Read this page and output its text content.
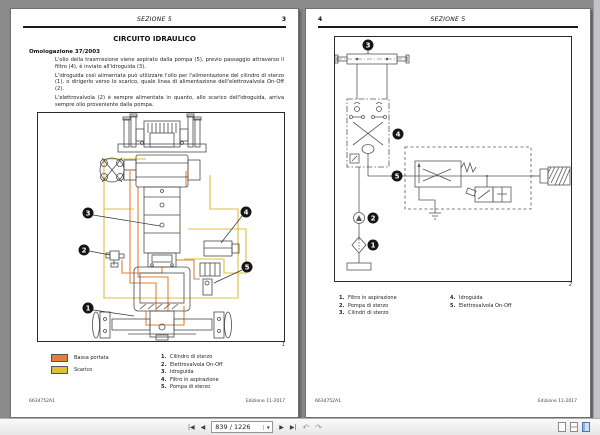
SEZIONE 5	3
CIRCUITO IDRAULICO
Omologazione 37/2003

L'olio della trasmissione viene aspirato dalla pompa (5), previo passaggio attraverso il filtro (4), è inviato all'idroguida (3).

L'idroguida così alimentata può utilizzare l'olio per l'alimentazione del cilindro di sterzo (1), o dirigerlo verso lo scarico, quale linea di alimentazione dell'elettrovalvola On-Off (2).

L'elettrovalvola (2) è sempre alimentata in quanto, allo scarico dell'idroguida, arriva sempre olio proveniente dalla pompa.

3
2
4
5
1
1
Bassa portata
Scarico
1. Cilindro di sterzo
2. Elettrovalvola On-Off
3. Idroguida
4. Filtro in aspirazione
5. Pompa di sterzo
6634752A1	Edizione 11-2017
4	SEZIONE 5
3
4
5
2
1
2
1. Filtro in aspirazione
2. Pompa di sterzo
3. Cilindri di sterzo
4. Idroguida
5. Elettrovalvola On-Off
6634752A1	Edizione 11-2017
|◀	◀	839 / 1226	▼	▶	▶| ↶ ↷
